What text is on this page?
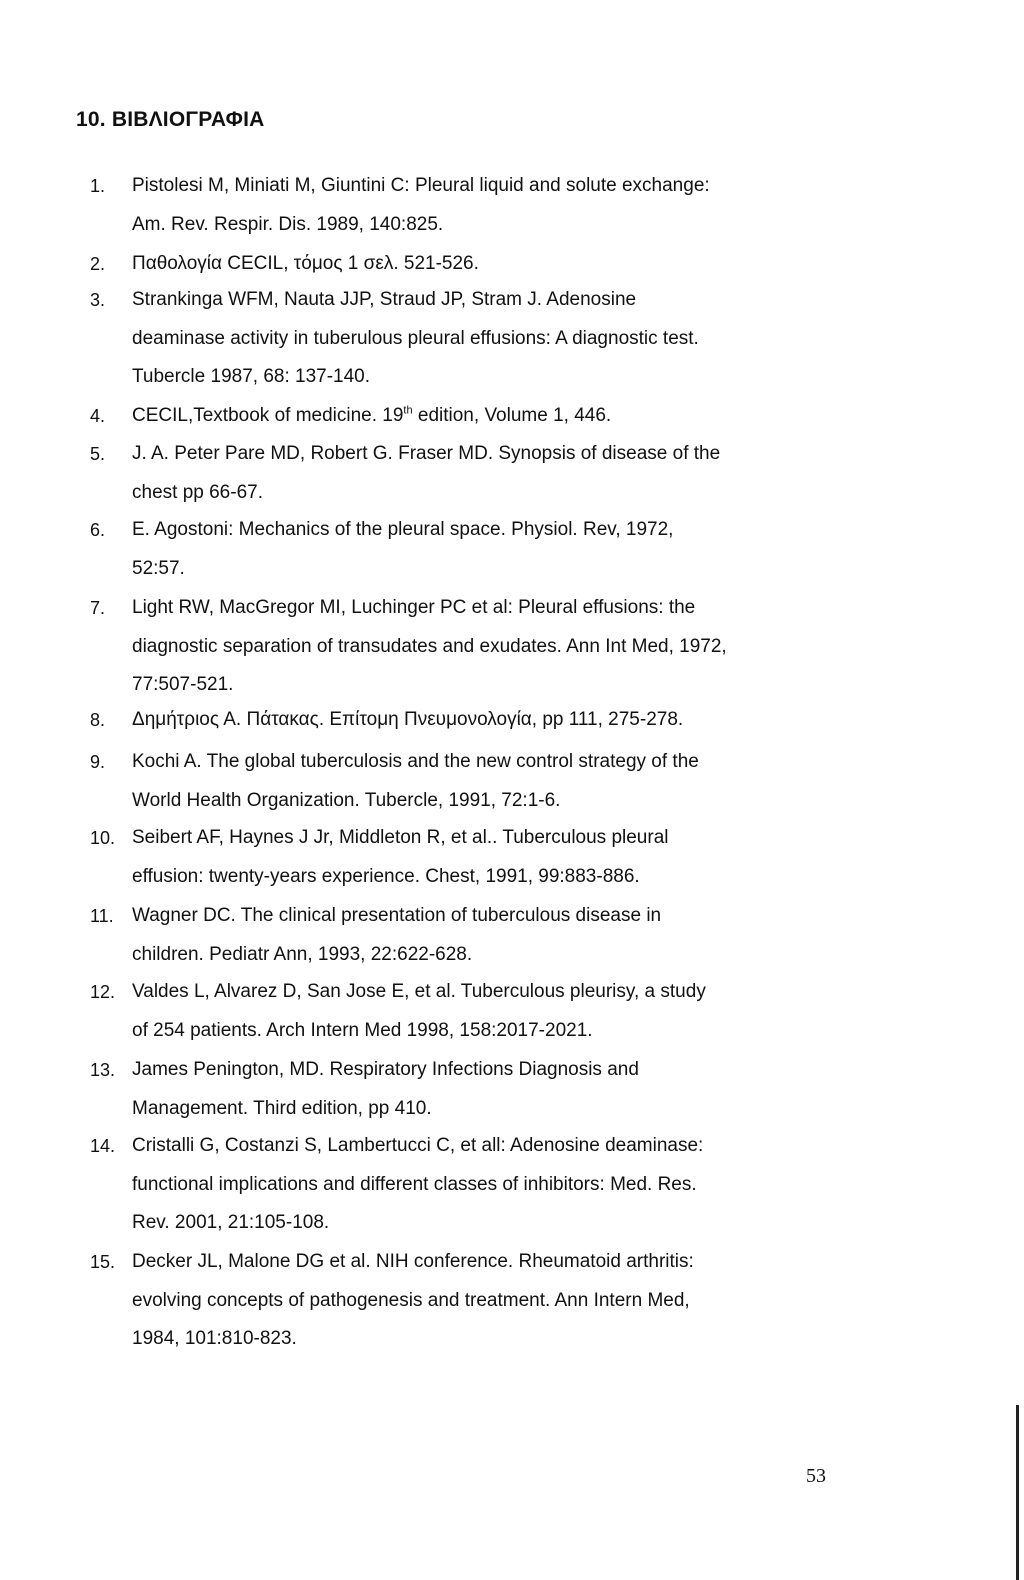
10. ΒΙΒΛΙΟΓΡΑΦΙΑ
1. Pistolesi M, Miniati M, Giuntini C: Pleural liquid and solute exchange:
Am. Rev. Respir. Dis. 1989, 140:825.
2. Παθολογία CECIL, τόμος 1 σελ. 521-526.
3. Strankinga WFM, Nauta JJP, Straud JP, Stram J. Adenosine
deaminase activity in tuberulous pleural effusions: A diagnostic test.
Tubercle 1987, 68: 137-140.
4. CECIL,Textbook of medicine. 19th edition, Volume 1, 446.
5. J. A. Peter Pare MD, Robert G. Fraser MD. Synopsis of disease of the
chest pp 66-67.
6. E. Agostoni: Mechanics of the pleural space. Physiol. Rev, 1972,
52:57.
7. Light RW, MacGregor MI, Luchinger PC et al: Pleural effusions: the
diagnostic separation of transudates and exudates. Ann Int Med, 1972,
77:507-521.
8. Δημήτριος Α. Πάτακας. Επίτομη Πνευμονολογία, pp 111, 275-278.
9. Kochi A. The global tuberculosis and the new control strategy of the
World Health Organization. Tubercle, 1991, 72:1-6.
10. Seibert AF, Haynes J Jr, Middleton R, et al.. Tuberculous pleural
effusion: twenty-years experience. Chest, 1991, 99:883-886.
11. Wagner DC. The clinical presentation of tuberculous disease in
children. Pediatr Ann, 1993, 22:622-628.
12. Valdes L, Alvarez D, San Jose E, et al. Tuberculous pleurisy, a study
of 254 patients. Arch Intern Med 1998, 158:2017-2021.
13. James Penington, MD. Respiratory Infections Diagnosis and
Management. Third edition, pp 410.
14. Cristalli G, Costanzi S, Lambertucci C, et all: Adenosine deaminase:
functional implications and different classes of inhibitors: Med. Res.
Rev. 2001, 21:105-108.
15. Decker JL, Malone DG et al. NIH conference. Rheumatoid arthritis:
evolving concepts of pathogenesis and treatment. Ann Intern Med,
1984, 101:810-823.
53
